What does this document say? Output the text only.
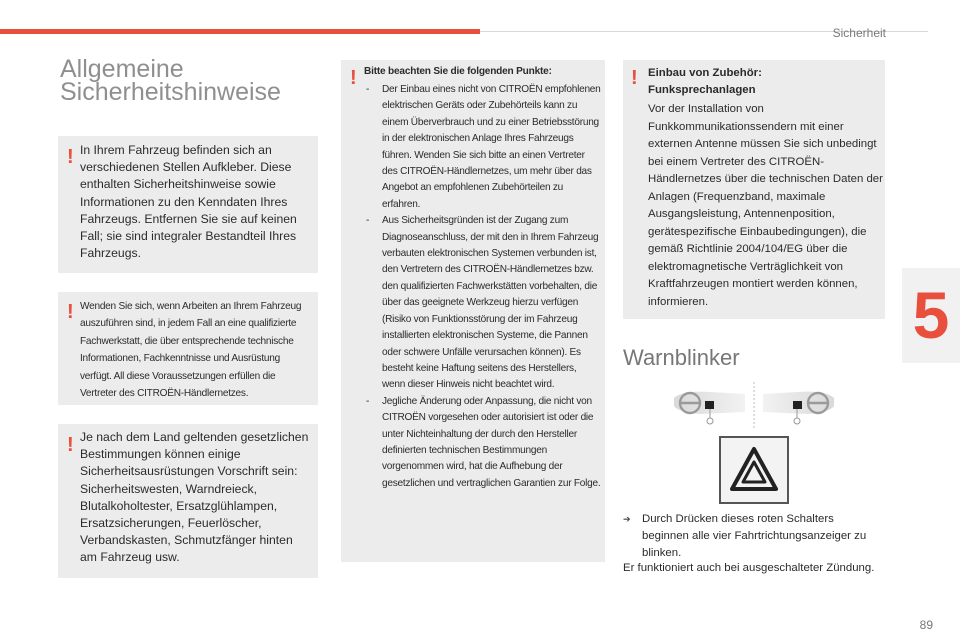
Sicherheit
5
Allgemeine Sicherheitshinweise
! In Ihrem Fahrzeug befinden sich an verschiedenen Stellen Aufkleber. Diese enthalten Sicherheitshinweise sowie Informationen zu den Kenndaten Ihres Fahrzeugs. Entfernen Sie sie auf keinen Fall; sie sind integraler Bestandteil Ihres Fahrzeugs.

! Wenden Sie sich, wenn Arbeiten an Ihrem Fahrzeug auszuführen sind, in jedem Fall an eine qualifizierte Fachwerkstatt, die über entsprechende technische Informationen, Fachkenntnisse und Ausrüstung verfügt. All diese Voraussetzungen erfüllen die Vertreter des CITROËN-Händlernetzes.

! Je nach dem Land geltenden gesetzlichen Bestimmungen können einige Sicherheitsausrüstungen Vorschrift sein: Sicherheitswesten, Warndreieck, Blutalkoholtester, Ersatzglühlampen, Ersatzsicherungen, Feuerlöscher, Verbandskasten, Schmutzfänger hinten am Fahrzeug usw.

! Bitte beachten Sie die folgenden Punkte:
- Der Einbau eines nicht von CITROËN empfohlenen elektrischen Geräts oder Zubehörteils kann zu einem Überverbrauch und zu einer Betriebsstörung in der elektronischen Anlage Ihres Fahrzeugs führen. Wenden Sie sich bitte an einen Vertreter des CITROËN-Händlernetzes, um mehr über das Angebot an empfohlenen Zubehörteilen zu erfahren.
- Aus Sicherheitsgründen ist der Zugang zum Diagnoseanschluss, der mit den in Ihrem Fahrzeug verbauten elektronischen Systemen verbunden ist, den Vertretern des CITROËN-Händlernetzes bzw. den qualifizierten Fachwerkstätten vorbehalten, die über das geeignete Werkzeug hierzu verfügen (Risiko von Funktionsstörung der im Fahrzeug installierten elektronischen Systeme, die Pannen oder schwere Unfälle verursachen können). Es besteht keine Haftung seitens des Herstellers, wenn dieser Hinweis nicht beachtet wird.
- Jegliche Änderung oder Anpassung, die nicht von CITROËN vorgesehen oder autorisiert ist oder die unter Nichteinhaltung der durch den Hersteller definierten technischen Bestimmungen vorgenommen wird, hat die Aufhebung der gesetzlichen und vertraglichen Garantien zur Folge.
! Einbau von Zubehör:
Funksprechanlagen

Vor der Installation von Funkkommunikationssendern mit einer externen Antenne müssen Sie sich unbedingt bei einem Vertreter des CITROËN-Händlernetzes über die technischen Daten der Anlagen (Frequenzband, maximale Ausgangsleistung, Antennenposition, gerätespezifische Einbaubedingungen), die gemäß Richtlinie 2004/104/EG über die elektromagnetische Verträglichkeit von Kraftfahrzeugen montiert werden können, informieren.

Warnblinker
➔ Durch Drücken dieses roten Schalters beginnen alle vier Fahrtrichtungsanzeiger zu blinken.
Er funktioniert auch bei ausgeschalteter Zündung.
89
